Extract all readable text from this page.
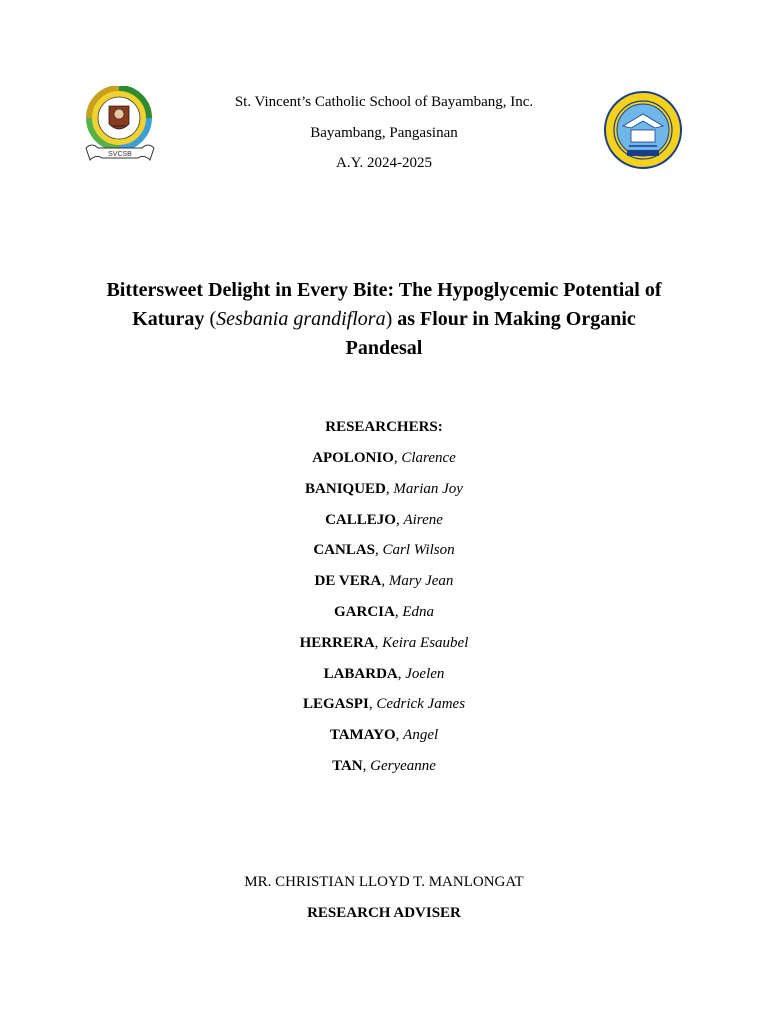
SVCSB
St. Vincent’s Catholic School of Bayambang, Inc.
Bayambang, Pangasinan
A.Y. 2024-2025
Bittersweet Delight in Every Bite: The Hypoglycemic Potential of
Katuray (Sesbania grandiflora) as Flour in Making Organic
Pandesal
RESEARCHERS:
APOLONIO, Clarence
BANIQUED, Marian Joy
CALLEJO, Airene
CANLAS, Carl Wilson
DE VERA, Mary Jean
GARCIA, Edna
HERRERA, Keira Esaubel
LABARDA, Joelen
LEGASPI, Cedrick James
TAMAYO, Angel
TAN, Geryeanne
MR. CHRISTIAN LLOYD T. MANLONGAT
RESEARCH ADVISER
